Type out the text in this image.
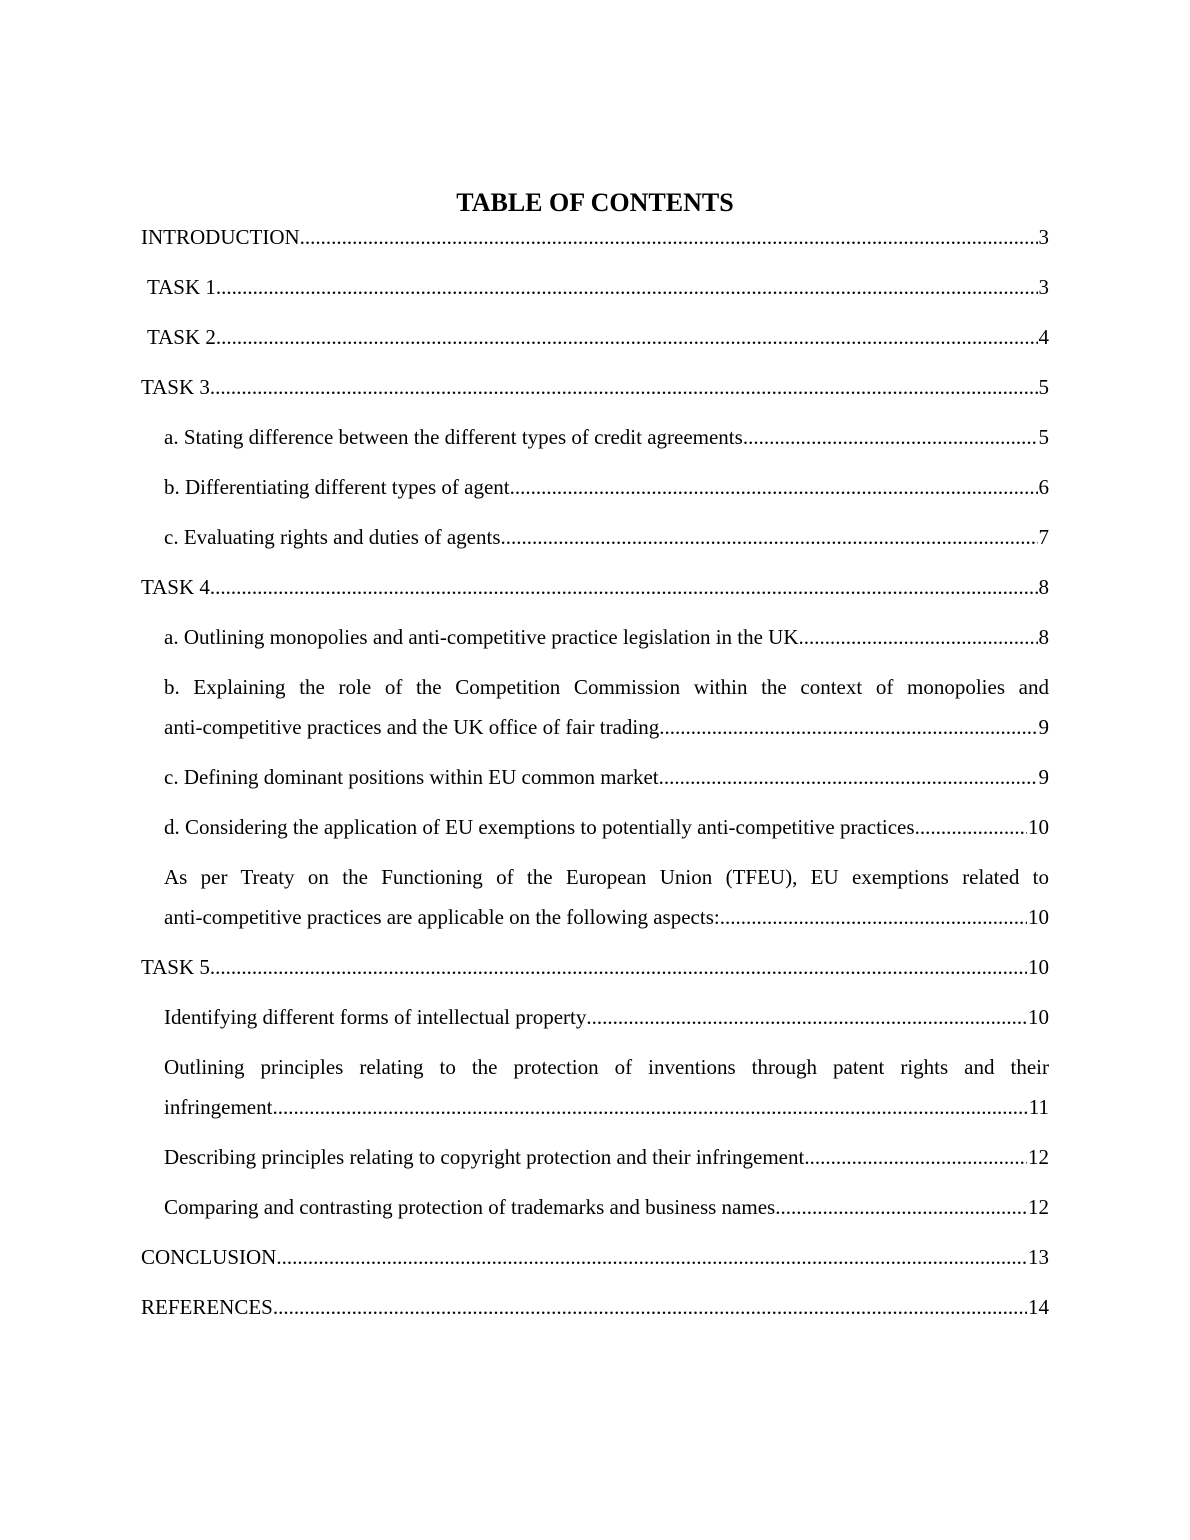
TABLE OF CONTENTS
INTRODUCTION .....	3
TASK 1 .....	3
TASK 2 .....	4
TASK 3 .....	5
a. Stating difference between the different types of credit agreements .....	5
b. Differentiating different types of agent .....	6
c. Evaluating rights and duties of agents .....	7
TASK 4 .....	8
a. Outlining monopolies and anti-competitive practice legislation in the UK .....	8
b. Explaining the role of the Competition Commission within the context of monopolies and
anti-competitive practices and the UK office of fair trading .....	9
c. Defining dominant positions within EU common market .....	9
d. Considering the application of EU exemptions to potentially anti-competitive practices .....	10
As per Treaty on the Functioning of the European Union (TFEU), EU exemptions related to
anti-competitive practices are applicable on the following aspects: .....	10
TASK 5 .....	10
Identifying different forms of intellectual property .....	10
Outlining principles relating to the protection of inventions through patent rights and their
infringement .....	11
Describing principles relating to copyright protection and their infringement .....	12
Comparing and contrasting protection of trademarks and business names .....	12
CONCLUSION .....	13
REFERENCES .....	14
